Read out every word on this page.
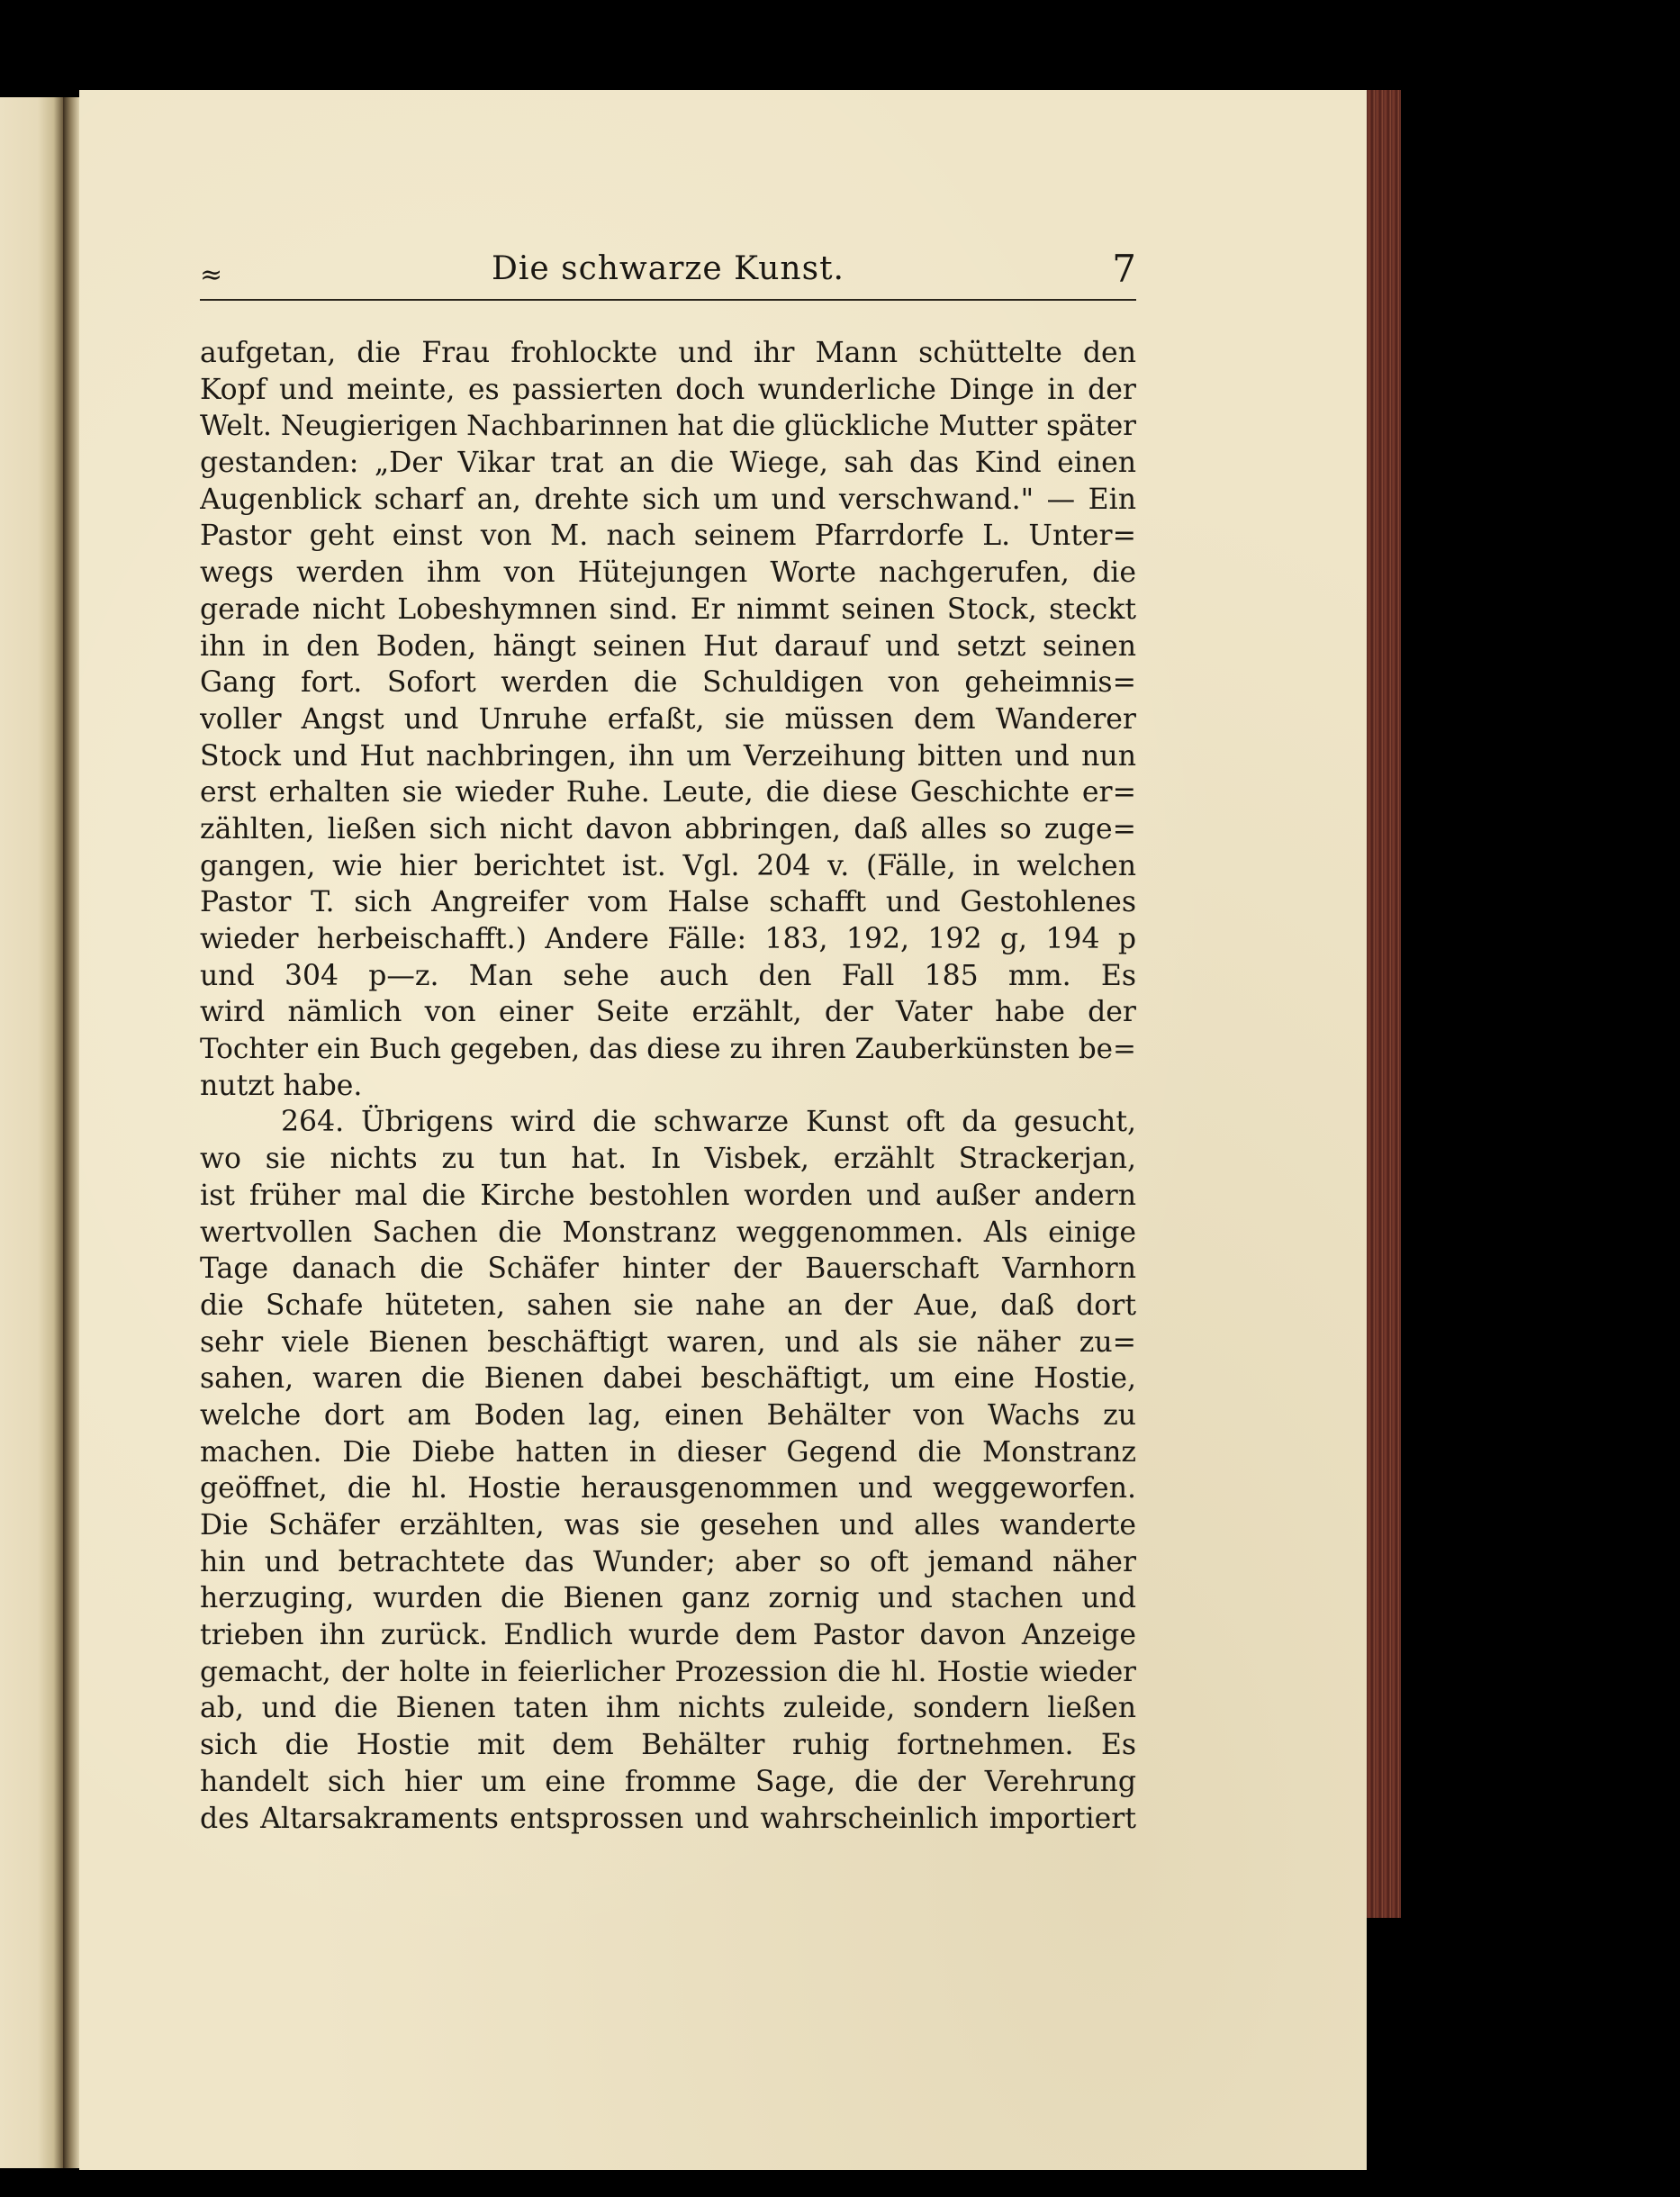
≈	Die schwarze Kunst.	7
aufgetan, die Frau frohlockte und ihr Mann schüttelte den
Kopf und meinte, es passierten doch wunderliche Dinge in der
Welt. Neugierigen Nachbarinnen hat die glückliche Mutter später
gestanden: „Der Vikar trat an die Wiege, sah das Kind einen
Augenblick scharf an, drehte sich um und verschwand." — Ein
Pastor geht einst von M. nach seinem Pfarrdorfe L. Unter=
wegs werden ihm von Hütejungen Worte nachgerufen, die
gerade nicht Lobeshymnen sind. Er nimmt seinen Stock, steckt
ihn in den Boden, hängt seinen Hut darauf und setzt seinen
Gang fort. Sofort werden die Schuldigen von geheimnis=
voller Angst und Unruhe erfaßt, sie müssen dem Wanderer
Stock und Hut nachbringen, ihn um Verzeihung bitten und nun
erst erhalten sie wieder Ruhe. Leute, die diese Geschichte er=
zählten, ließen sich nicht davon abbringen, daß alles so zuge=
gangen, wie hier berichtet ist. Vgl. 204 v. (Fälle, in welchen
Pastor T. sich Angreifer vom Halse schafft und Gestohlenes
wieder herbeischafft.) Andere Fälle: 183, 192, 192 g, 194 p
und 304 p—z. Man sehe auch den Fall 185 mm. Es
wird nämlich von einer Seite erzählt, der Vater habe der
Tochter ein Buch gegeben, das diese zu ihren Zauberkünsten be=
nutzt habe.
264. Übrigens wird die schwarze Kunst oft da gesucht,
wo sie nichts zu tun hat. In Visbek, erzählt Strackerjan,
ist früher mal die Kirche bestohlen worden und außer andern
wertvollen Sachen die Monstranz weggenommen. Als einige
Tage danach die Schäfer hinter der Bauerschaft Varnhorn
die Schafe hüteten, sahen sie nahe an der Aue, daß dort
sehr viele Bienen beschäftigt waren, und als sie näher zu=
sahen, waren die Bienen dabei beschäftigt, um eine Hostie,
welche dort am Boden lag, einen Behälter von Wachs zu
machen. Die Diebe hatten in dieser Gegend die Monstranz
geöffnet, die hl. Hostie herausgenommen und weggeworfen.
Die Schäfer erzählten, was sie gesehen und alles wanderte
hin und betrachtete das Wunder; aber so oft jemand näher
herzuging, wurden die Bienen ganz zornig und stachen und
trieben ihn zurück. Endlich wurde dem Pastor davon Anzeige
gemacht, der holte in feierlicher Prozession die hl. Hostie wieder
ab, und die Bienen taten ihm nichts zuleide, sondern ließen
sich die Hostie mit dem Behälter ruhig fortnehmen. Es
handelt sich hier um eine fromme Sage, die der Verehrung
des Altarsakraments entsprossen und wahrscheinlich importiert
